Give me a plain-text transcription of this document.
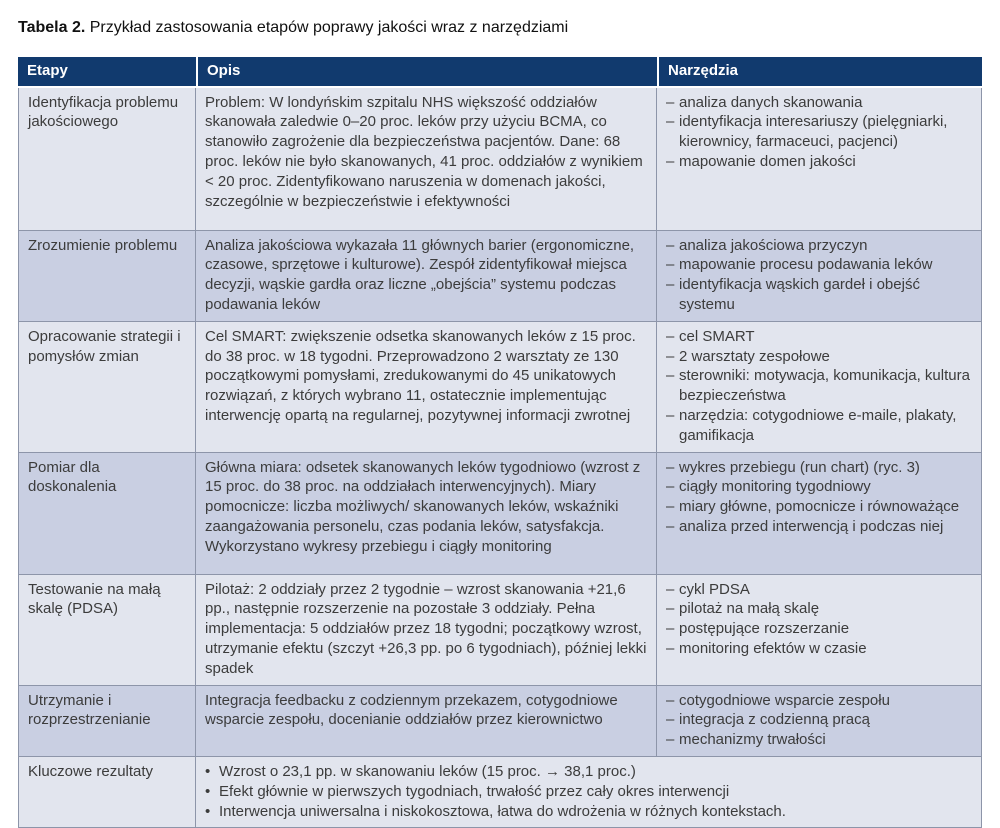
Tabela 2. Przykład zastosowania etapów poprawy jakości wraz z narzędziami
Etapy	Opis	Narzędzia
Identyfikacja problemu jakościowego	Problem: W londyńskim szpitalu NHS większość oddziałów skanowała zaledwie 0–20 proc. leków przy użyciu BCMA, co stanowiło zagrożenie dla bezpieczeństwa pacjentów. Dane: 68 proc. leków nie było skanowanych, 41 proc. oddziałów z wynikiem < 20 proc. Zidentyfikowano naruszenia w domenach jakości, szczególnie w bezpieczeństwie i efektywności	
– analiza danych skanowania
– identyfikacja interesariuszy (pielęgniarki, kierownicy, farmaceuci, pacjenci)
– mapowanie domen jakości

Zrozumienie problemu	Analiza jakościowa wykazała 11 głównych barier (ergonomiczne, czasowe, sprzętowe i kulturowe). Zespół zidentyfikował miejsca decyzji, wąskie gardła oraz liczne „obejścia” systemu podczas podawania leków	
– analiza jakościowa przyczyn
– mapowanie procesu podawania leków
– identyfikacja wąskich gardeł i obejść systemu

Opracowanie strategii i pomysłów zmian	Cel SMART: zwiększenie odsetka skanowanych leków z 15 proc. do 38 proc. w 18 tygodni. Przeprowadzono 2 warsztaty ze 130 początkowymi pomysłami, zredukowanymi do 45 unikatowych rozwiązań, z których wybrano 11, ostatecznie implementując interwencję opartą na regularnej, pozytywnej informacji zwrotnej	
– cel SMART
– 2 warsztaty zespołowe
– sterowniki: motywacja, komunikacja, kultura bezpieczeństwa
– narzędzia: cotygodniowe e-maile, plakaty, gamifikacja

Pomiar dla doskonalenia	Główna miara: odsetek skanowanych leków tygodniowo (wzrost z 15 proc. do 38 proc. na oddziałach interwencyjnych). Miary pomocnicze: liczba możliwych/ skanowanych leków, wskaźniki zaangażowania personelu, czas podania leków, satysfakcja. Wykorzystano wykresy przebiegu i ciągły monitoring	
– wykres przebiegu (run chart) (ryc. 3)
– ciągły monitoring tygodniowy
– miary główne, pomocnicze i równoważące
– analiza przed interwencją i podczas niej

Testowanie na małą skalę (PDSA)	Pilotaż: 2 oddziały przez 2 tygodnie – wzrost skanowania +21,6 pp., następnie rozszerzenie na pozostałe 3 oddziały. Pełna implementacja: 5 oddziałów przez 18 tygodni; początkowy wzrost, utrzymanie efektu (szczyt +26,3 pp. po 6 tygodniach), później lekki spadek	
– cykl PDSA
– pilotaż na małą skalę
– postępujące rozszerzanie
– monitoring efektów w czasie

Utrzymanie i rozprzestrzenianie	Integracja feedbacku z codziennym przekazem, cotygodniowe wsparcie zespołu, docenianie oddziałów przez kierownictwo	
– cotygodniowe wsparcie zespołu
– integracja z codzienną pracą
– mechanizmy trwałości

Kluczowe rezultaty	• Wzrost o 23,1 pp. w skanowaniu leków (15 proc. → 38,1 proc.)
• Efekt głównie w pierwszych tygodniach, trwałość przez cały okres interwencji
• Interwencja uniwersalna i niskokosztowa, łatwa do wdrożenia w różnych kontekstach.
